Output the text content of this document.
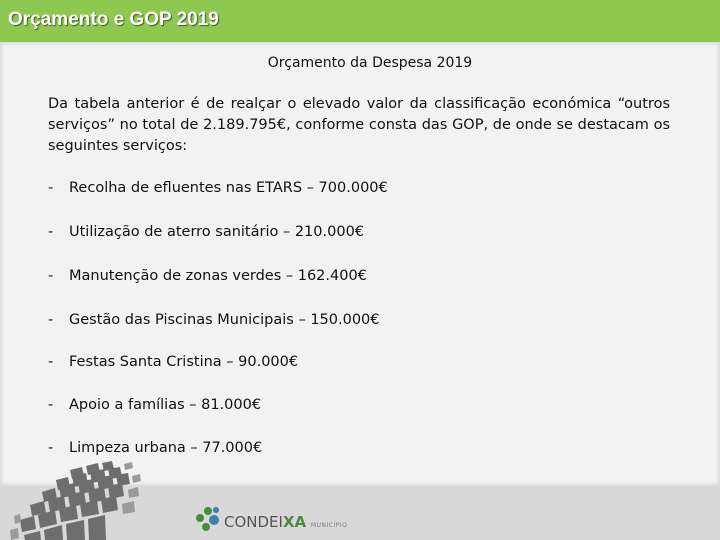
Orçamento e GOP 2019
Orçamento da Despesa 2019

Da tabela anterior é de realçar o elevado valor da classificação económica “outros serviços” no total de 2.189.795€, conforme consta das GOP, de onde se destacam os seguintes serviços:

- Recolha de efluentes nas ETARS – 700.000€
- Utilização de aterro sanitário – 210.000€
- Manutenção de zonas verdes – 162.400€
- Gestão das Piscinas Municipais – 150.000€
- Festas Santa Cristina – 90.000€
- Apoio a famílias – 81.000€
- Limpeza urbana – 77.000€
CONDEIXA MUNICÍPIO
